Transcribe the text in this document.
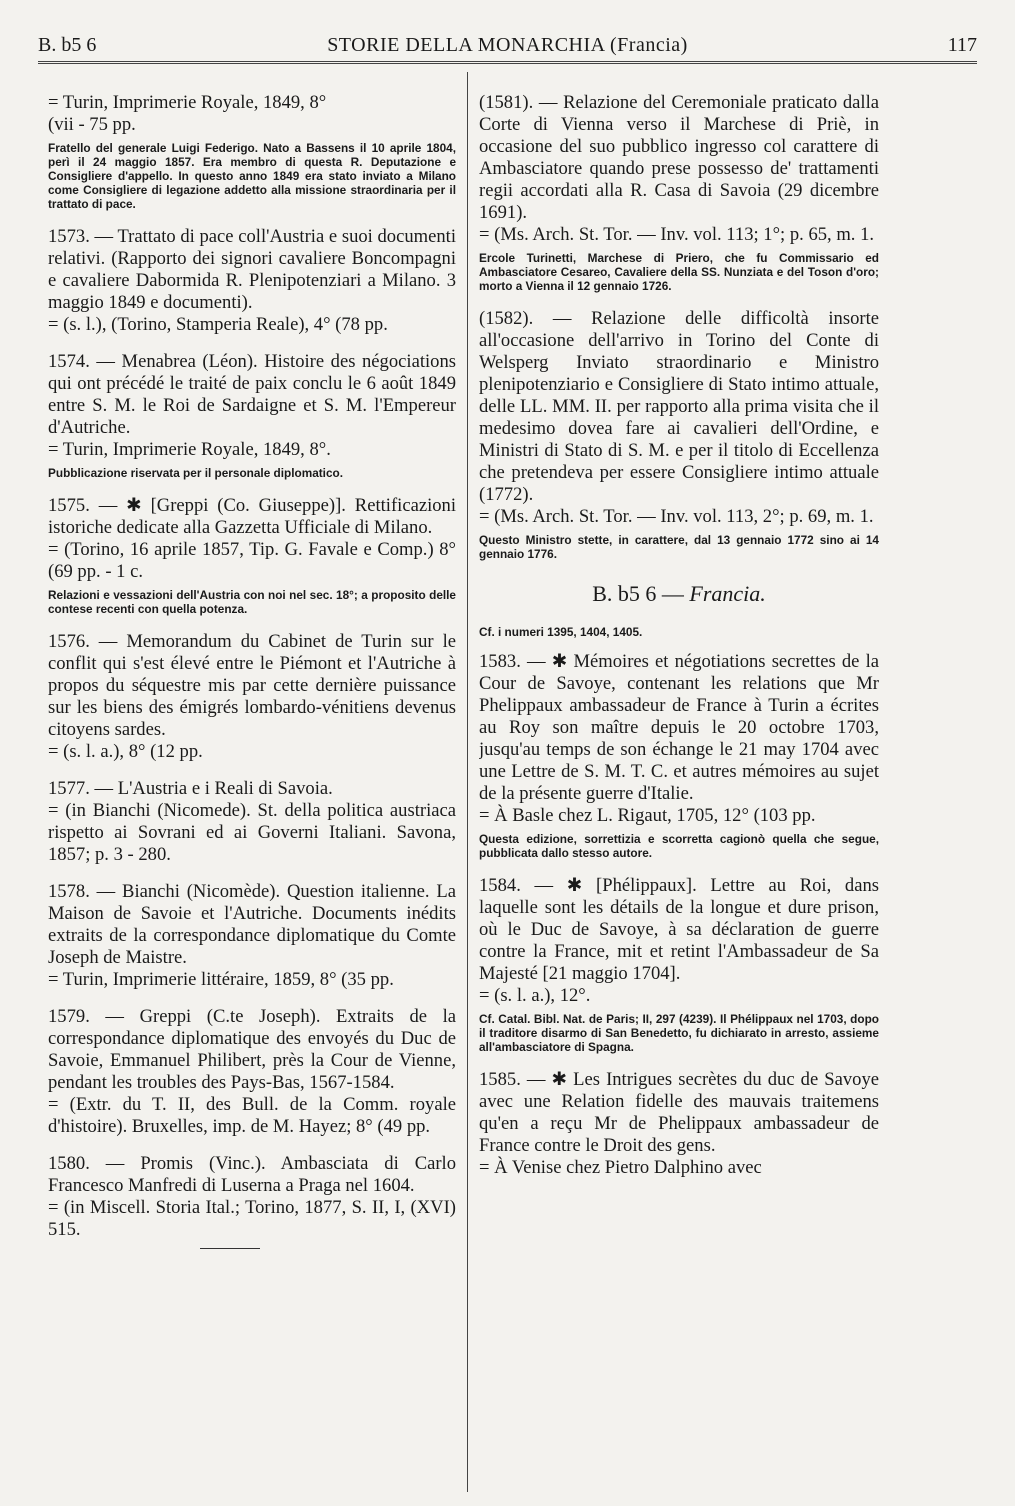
B. b5 6	STORIE DELLA MONARCHIA (Francia)	117

= Turin, Imprimerie Royale, 1849, 8°

(vii - 75 pp.

Fratello del generale Luigi Federigo. Nato a Bassens il 10 aprile 1804, perì il 24 maggio 1857. Era membro di questa R. Deputazione e Consigliere d'appello. In questo anno 1849 era stato inviato a Milano come Consigliere di legazione addetto alla missione straordinaria per il trattato di pace.

1573. — Trattato di pace coll'Austria e suoi documenti relativi. (Rapporto dei signori cavaliere Boncompagni e cavaliere Dabormida R. Plenipotenziari a Milano. 3 maggio 1849 e documenti).

= (s. l.), (Torino, Stamperia Reale), 4° (78 pp.

1574. — Menabrea (Léon). Histoire des négociations qui ont précédé le traité de paix conclu le 6 août 1849 entre S. M. le Roi de Sardaigne et S. M. l'Empereur d'Autriche.

= Turin, Imprimerie Royale, 1849, 8°.

Pubblicazione riservata per il personale diplomatico.

1575. — ✱ [Greppi (Co. Giuseppe)]. Rettificazioni istoriche dedicate alla Gazzetta Ufficiale di Milano.

= (Torino, 16 aprile 1857, Tip. G. Favale e Comp.) 8° (69 pp. - 1 c.

Relazioni e vessazioni dell'Austria con noi nel sec. 18°; a proposito delle contese recenti con quella potenza.

1576. — Memorandum du Cabinet de Turin sur le conflit qui s'est élevé entre le Piémont et l'Autriche à propos du séquestre mis par cette dernière puissance sur les biens des émigrés lombardo-vénitiens devenus citoyens sardes.

= (s. l. a.), 8° (12 pp.

1577. — L'Austria e i Reali di Savoia.

= (in Bianchi (Nicomede). St. della politica austriaca rispetto ai Sovrani ed ai Governi Italiani. Savona, 1857; p. 3 - 280.

1578. — Bianchi (Nicomède). Question italienne. La Maison de Savoie et l'Autriche. Documents inédits extraits de la correspondance diplomatique du Comte Joseph de Maistre.

= Turin, Imprimerie littéraire, 1859, 8° (35 pp.

1579. — Greppi (C.te Joseph). Extraits de la correspondance diplomatique des envoyés du Duc de Savoie, Emmanuel Philibert, près la Cour de Vienne, pendant les troubles des Pays-Bas, 1567-1584.

= (Extr. du T. II, des Bull. de la Comm. royale d'histoire). Bruxelles, imp. de M. Hayez; 8° (49 pp.

1580. — Promis (Vinc.). Ambasciata di Carlo Francesco Manfredi di Luserna a Praga nel 1604.

= (in Miscell. Storia Ital.; Torino, 1877, S. II, I, (XVI) 515.

(1581). — Relazione del Ceremoniale praticato dalla Corte di Vienna verso il Marchese di Priè, in occasione del suo pubblico ingresso col carattere di Ambasciatore quando prese possesso de' trattamenti regii accordati alla R. Casa di Savoia (29 dicembre 1691).

= (Ms. Arch. St. Tor. — Inv. vol. 113; 1°; p. 65, m. 1.

Ercole Turinetti, Marchese di Priero, che fu Commissario ed Ambasciatore Cesareo, Cavaliere della SS. Nunziata e del Toson d'oro; morto a Vienna il 12 gennaio 1726.

(1582). — Relazione delle difficoltà insorte all'occasione dell'arrivo in Torino del Conte di Welsperg Inviato straordinario e Ministro plenipotenziario e Consigliere di Stato intimo attuale, delle LL. MM. II. per rapporto alla prima visita che il medesimo dovea fare ai cavalieri dell'Ordine, e Ministri di Stato di S. M. e per il titolo di Eccellenza che pretendeva per essere Consigliere intimo attuale (1772).

= (Ms. Arch. St. Tor. — Inv. vol. 113, 2°; p. 69, m. 1.

Questo Ministro stette, in carattere, dal 13 gennaio 1772 sino ai 14 gennaio 1776.
B. b5 6 — Francia.
Cf. i numeri 1395, 1404, 1405.

1583. — ✱ Mémoires et négotiations secrettes de la Cour de Savoye, contenant les relations que Mr Phelippaux ambassadeur de France à Turin a écrites au Roy son maître depuis le 20 octobre 1703, jusqu'au temps de son échange le 21 may 1704 avec une Lettre de S. M. T. C. et autres mémoires au sujet de la présente guerre d'Italie.

= À Basle chez L. Rigaut, 1705, 12° (103 pp.

Questa edizione, sorrettizia e scorretta cagionò quella che segue, pubblicata dallo stesso autore.

1584. — ✱ [Phélippaux]. Lettre au Roi, dans laquelle sont les détails de la longue et dure prison, où le Duc de Savoye, à sa déclaration de guerre contre la France, mit et retint l'Ambassadeur de Sa Majesté [21 maggio 1704].

= (s. l. a.), 12°.

Cf. Catal. Bibl. Nat. de Paris; II, 297 (4239). Il Phélippaux nel 1703, dopo il traditore disarmo di San Benedetto, fu dichiarato in arresto, assieme all'ambasciatore di Spagna.

1585. — ✱ Les Intrigues secrètes du duc de Savoye avec une Relation fidelle des mauvais traitemens qu'en a reçu Mr de Phelippaux ambassadeur de France contre le Droit des gens.

= À Venise chez Pietro Dalphino avec
